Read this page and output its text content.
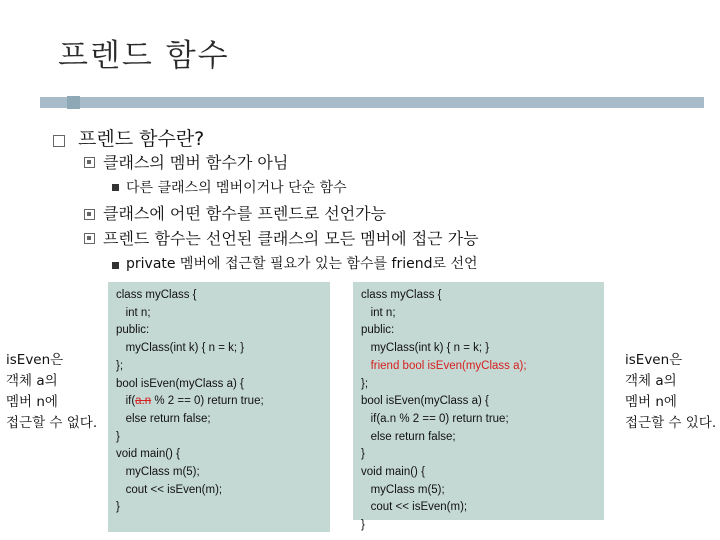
프렌드 함수
프렌드 함수란?
클래스의 멤버 함수가 아님
다른 클래스의 멤버이거나 단순 함수
클래스에 어떤 함수를 프렌드로 선언가능
프렌드 함수는 선언된 클래스의 모든 멤버에 접근 가능
private 멤버에 접근할 필요가 있는 함수를 friend로 선언
class myClass {
int n;
public:
myClass(int k) { n = k; }
};
bool isEven(myClass a) {
if(a.n % 2 == 0) return true;
else return false;
}
void main() {
myClass m(5);
cout << isEven(m);
}
class myClass {
int n;
public:
myClass(int k) { n = k; }
friend bool isEven(myClass a);
};
bool isEven(myClass a) {
if(a.n % 2 == 0) return true;
else return false;
}
void main() {
myClass m(5);
cout << isEven(m);
}
isEven은
객체 a의
멤버 n에
접근할 수 없다.
isEven은
객체 a의
멤버 n에
접근할 수 있다.
